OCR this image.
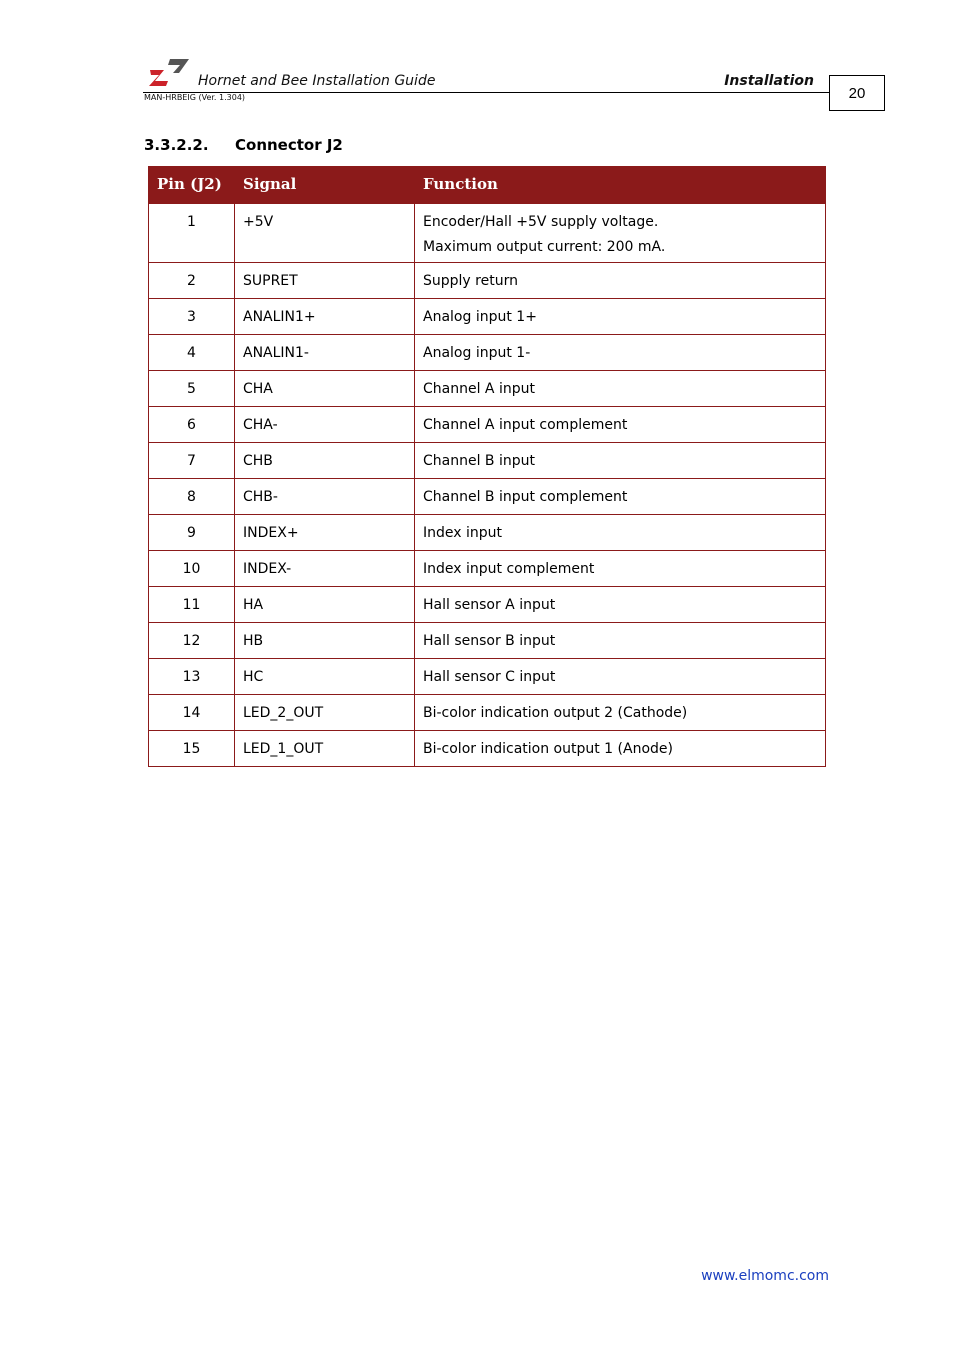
Hornet and Bee Installation Guide	Installation
MAN-HRBEIG (Ver. 1.304)	20
3.3.2.2. Connector J2
Pin (J2)	Signal	Function
1	+5V	Encoder/Hall +5V supply voltage.
Maximum output current: 200 mA.

2	SUPRET	Supply return

3	ANALIN1+	Analog input 1+

4	ANALIN1-	Analog input 1-

5	CHA	Channel A input

6	CHA-	Channel A input complement

7	CHB	Channel B input

8	CHB-	Channel B input complement

9	INDEX+	Index input

10	INDEX-	Index input complement

11	HA	Hall sensor A input

12	HB	Hall sensor B input

13	HC	Hall sensor C input

14	LED_2_OUT	Bi-color indication output 2 (Cathode)

15	LED_1_OUT	Bi-color indication output 1 (Anode)
www.elmomc.com
